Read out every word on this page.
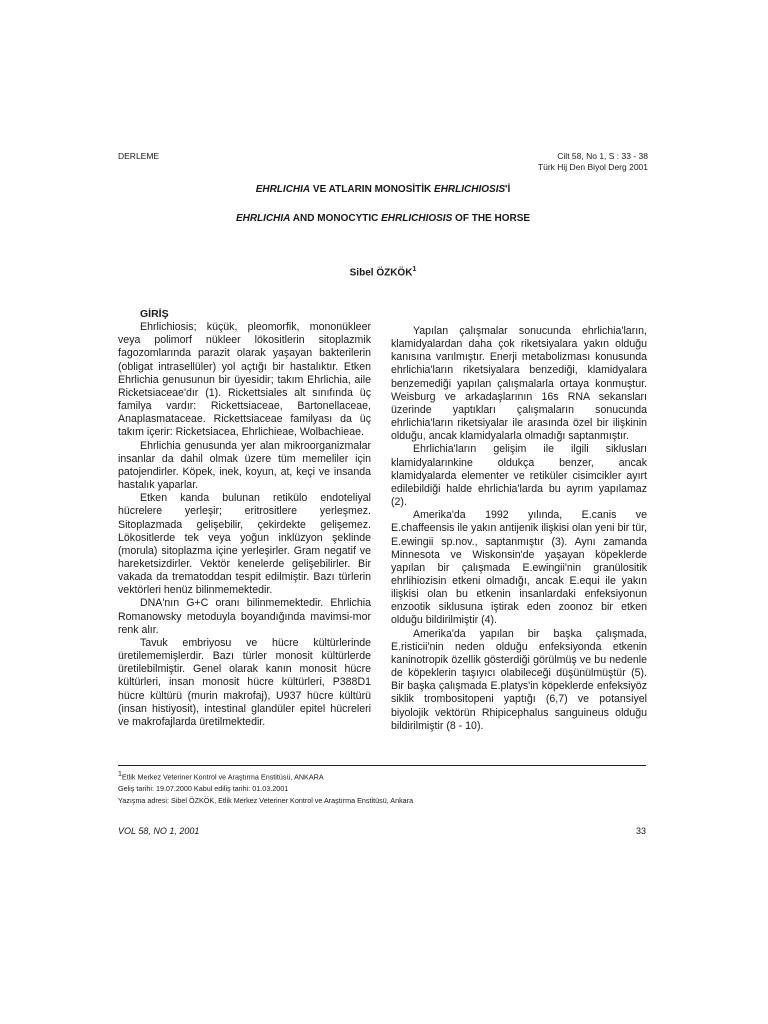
DERLEME	Cilt 58, No 1, S : 33 - 38
Türk Hij Den Biyol Derg 2001
EHRLICHIA VE ATLARIN MONOSİTİK EHRLICHIOSIS'İ
EHRLICHIA AND MONOCYTIC EHRLICHIOSIS OF THE HORSE
Sibel ÖZKÖK$^1$

GİRİŞ

Ehrlichiosis; küçük, pleomorfik, mononükleer veya polimorf nükleer lökositlerin sitoplazmik fagozomlarında parazit olarak yaşayan bakterilerin (obligat intrasellüler) yol açtığı bir hastalıktır. Etken Ehrlichia genusunun bir üyesidir; takım Ehrlichia, aile Ricketsiaceae'dır (1). Rickettsiales alt sınıfında üç familya vardır: Rickettsiaceae, Bartonellaceae, Anaplasmataceae. Rickettsiaceae familyası da üç takım içerir: Ricketsiacea, Ehrlichieae, Wolbachieae.

Ehrlichia genusunda yer alan mikroorganizmalar insanlar da dahil olmak üzere tüm memeliler için patojendirler. Köpek, inek, koyun, at, keçi ve insanda hastalık yaparlar.

Etken kanda bulunan retikülo endoteliyal hücrelere yerleşir; eritrositlere yerleşmez. Sitoplazmada gelişebilir, çekirdekte gelişemez. Lökositlerde tek veya yoğun inklüzyon şeklinde (morula) sitoplazma içine yerleşirler. Gram negatif ve hareketsizdirler. Vektör kenelerde gelişebilirler. Bir vakada da trematoddan tespit edilmiştir. Bazı türlerin vektörleri henüz bilinmemektedir.

DNA'nın G+C oranı bilinmemektedir. Ehrlichia Romanowsky metoduyla boyandığında mavimsi-mor renk alır.

Tavuk embriyosu ve hücre kültürlerinde üretilememişlerdir. Bazı türler monosit kültürlerde üretilebilmiştir. Genel olarak kanın monosit hücre kültürleri, insan monosit hücre kültürleri, P388D1 hücre kültürü (murin makrofaj), U937 hücre kültürü (insan histiyosit), intestinal glandüler epitel hücreleri ve makrofajlarda üretilmektedir.

Yapılan çalışmalar sonucunda ehrlichia'ların, klamidyalardan daha çok riketsiyalara yakın olduğu kanısına varılmıştır. Enerji metabolizması konusunda ehrlichia'ların riketsiyalara benzediği, klamidyalara benzemediği yapılan çalışmalarla ortaya konmuştur. Weisburg ve arkadaşlarının 16s RNA sekansları üzerinde yaptıkları çalışmaların sonucunda ehrlichia'ların riketsiyalar ile arasında özel bir ilişkinin olduğu, ancak klamidyalarla olmadığı saptanmıştır.

Ehrlichia'ların gelişim ile ilgili siklusları klamidyalarınkine oldukça benzer, ancak klamidyalarda elementer ve retiküler cisimcikler ayırt edilebildiği halde ehrlichia'larda bu ayrım yapılamaz (2).

Amerika'da 1992 yılında, E.canis ve E.chaffeensis ile yakın antijenik ilişkisi olan yeni bir tür, E.ewingii sp.nov., saptanmıştır (3). Aynı zamanda Minnesota ve Wiskonsin'de yaşayan köpeklerde yapılan bir çalışmada E.ewingii'nin granülositik ehrlihiozisin etkeni olmadığı, ancak E.equi ile yakın ilişkisi olan bu etkenin insanlardaki enfeksiyonun enzootik siklusuna iştirak eden zoonoz bir etken olduğu bildirilmiştir (4).

Amerika'da yapılan bir başka çalışmada, E.risticii'nin neden olduğu enfeksiyonda etkenin kaninotropik özellik gösterdiği görülmüş ve bu nedenle de köpeklerin taşıyıcı olabileceği düşünülmüştür (5). Bir başka çalışmada E.platys'in köpeklerde enfeksiyöz siklik trombositopeni yaptığı (6,7) ve potansiyel biyolojik vektörün Rhipicephalus sanguineus olduğu bildirilmiştir (8 - 10).

$^1$Etlik Merkez Veteriner Kontrol ve Araştırma Enstitüsü, ANKARA
Geliş tarihi: 19.07.2000 Kabul ediliş tarihi: 01.03.2001
Yazışma adresi: Sibel ÖZKÖK, Etlik Merkez Veteriner Kontrol ve Araştırma Enstitüsü, Ankara
VOL 58, NO 1, 2001	33
